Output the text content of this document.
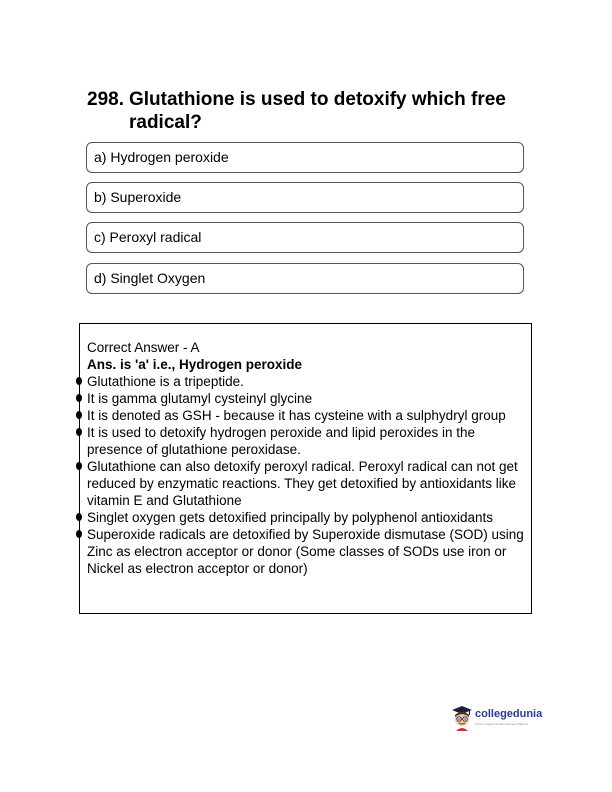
298. Glutathione is used to detoxify which free radical?
a) Hydrogen peroxide
b) Superoxide
c) Peroxyl radical
d) Singlet Oxygen
Correct Answer - A
Ans. is 'a' i.e., Hydrogen peroxide
Glutathione is a tripeptide.
It is gamma glutamyl cysteinyl glycine
It is denoted as GSH - because it has cysteine with a sulphydryl group
It is used to detoxify hydrogen peroxide and lipid peroxides in the presence of glutathione peroxidase.
Glutathione can also detoxify peroxyl radical. Peroxyl radical can not get reduced by enzymatic reactions. They get detoxified by antioxidants like vitamin E and Glutathione
Singlet oxygen gets detoxified principally by polyphenol antioxidants
Superoxide radicals are detoxified by Superoxide dismutase (SOD) using Zinc as electron acceptor or donor (Some classes of SODs use iron or Nickel as electron acceptor or donor)
collegedunia
India's Largest Student Review Platform
